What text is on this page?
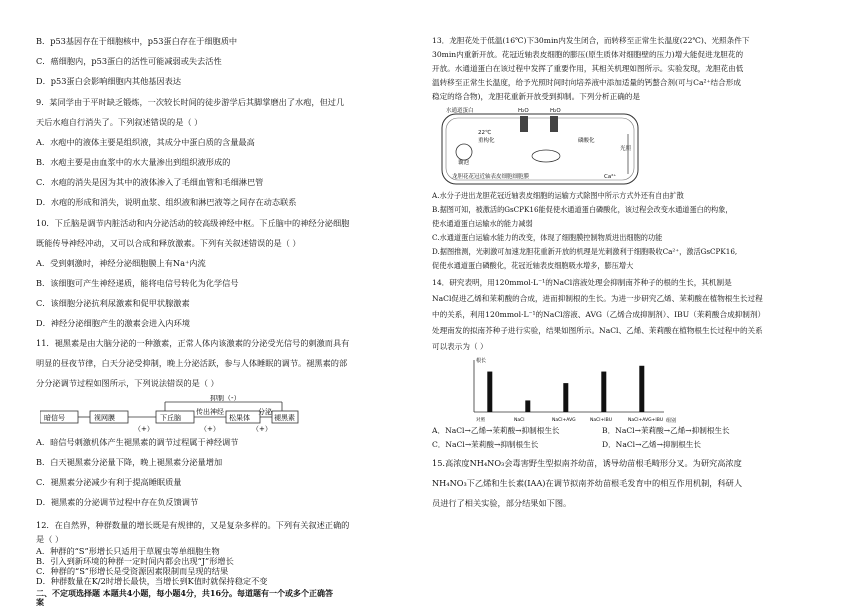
B．p53基因存在于细胞核中，p53蛋白存在于细胞质中
C．癌细胞内，p53蛋白的活性可能减弱或失去活性
D．p53蛋白会影响细胞内其他基因表达
9．某同学由于平时缺乏锻炼，一次较长时间的徒步游学后其脚掌磨出了水疱，但过几
天后水疱自行消失了。下列叙述错误的是（ ）
A．水疱中的液体主要是组织液，其成分中蛋白质的含量最高
B．水疱主要是由血浆中的水大量渗出到组织液形成的
C．水疱的消失是因为其中的液体渗入了毛细血管和毛细淋巴管
D．水疱的形成和消失，说明血浆、组织液和淋巴液等之间存在动态联系
10．下丘脑是调节内脏活动和内分泌活动的较高级神经中枢。下丘脑中的神经分泌细胞
既能传导神经冲动，又可以合成和释放激素。下列有关叙述错误的是（ ）
A．受到刺激时，神经分泌细胞膜上有Na⁺内流
B．该细胞可产生神经递质，能将电信号转化为化学信号
C．该细胞分泌抗利尿激素和促甲状腺激素
D．神经分泌细胞产生的激素会进入内环境
11．褪黑素是由大脑分泌的一种激素，正常人体内该激素的分泌受光信号的刺激而具有
明显的昼夜节律，白天分泌受抑制，晚上分泌活跃，参与人体睡眠的调节。褪黑素的部
分分泌调节过程如图所示，下列说法错误的是（ ）
抑制（-）
暗信号	视网膜
（+）
下丘脑
传出神经
（+）
松果体
分泌
（+）
褪黑素
A．暗信号刺激机体产生褪黑素的调节过程属于神经调节
B．白天褪黑素分泌量下降，晚上褪黑素分泌量增加
C．褪黑素分泌减少有利于提高睡眠质量
D．褪黑素的分泌调节过程中存在负反馈调节
12．在自然界，种群数量的增长既是有规律的，又是复杂多样的。下列有关叙述正确的
是（ ）
A．种群的“S”形增长只适用于草履虫等单细胞生物
B．引入到新环境的种群一定时间内都会出现“J”形增长
C．种群的“S”形增长是受资源因素限制而呈现的结果
D．种群数量在K/2时增长最快，当增长到K值时就保持稳定不变
二、不定项选择题 本题共4小题，每小题4分，共16分。每道题有一个或多个正确答
案
13．龙胆花处于低温(16℃)下30min内发生闭合，而转移至正常生长温度(22℃)、光照条件下
30min内重新开放。花冠近轴表皮细胞的膨压(原生质体对细胞壁的压力)增大能促进龙胆花的
开放。水通道蛋白在该过程中发挥了重要作用，其相关机理如图所示。实验发现，龙胆花由低
温转移至正常生长温度，给予光照时间时向培养液中添加适量的钙螯合剂(可与Ca²⁺结合形成
稳定的络合物)，龙胆花重新开放受到抑制。下列分析正确的是
水通道蛋白	H₂O	H₂O
22℃
重构化	磷酸化
光照
Ca²⁺
囊泡
龙胆花花冠近轴表皮细胞细胞膜
A.水分子进出龙胆花冠近轴表皮细胞的运输方式除图中所示方式外还有自由扩散
B.据图可知，被激活的GsCPK16能促使水通道蛋白磷酸化，该过程会改变水通道蛋白的构象，
使水通道蛋白运输水的能力减弱
C.水通道蛋白运输水能力的改变，体现了细胞膜控制物质进出细胞的功能
D.据图推测，光刺激可加速龙胆花重新开放的机理是光刺激利于细胞吸收Ca²⁺，激活GsCPK16,
促使水通道蛋白磷酸化，花冠近轴表皮细胞吸水增多，膨压增大
14．研究表明，用120mmol·L⁻¹的NaCl溶液处理会抑制南芥种子的根的生长，其机制是
NaCl促进乙烯和茉莉酸的合成，进而抑制根的生长。为进一步研究乙烯、茉莉酸在植物根生长过程
中的关系，利用120mmol·L⁻¹的NaCl溶液、AVG（乙烯合成抑制剂）、IBU（茉莉酸合成抑制剂）
处理南发的拟南芥种子进行实验，结果如图所示。NaCl、乙烯、茉莉酸在植物根生长过程中的关系
可以表示为（ ）
根长
组别
对照	NaCl	NaCl+AVG	NaCl+IBU	NaCl+AVG+IBU
A．NaCl→乙烯→茉莉酸→抑制根生长	B．NaCl→茉莉酸→乙烯→抑制根生长
C．NaCl→茉莉酸→抑制根生长	D．NaCl→乙烯→抑制根生长
15.高浓度NH₄NO₃会毒害野生型拟南芥幼苗，诱导幼苗根毛畸形分叉。为研究高浓度
NH₄NO₃下乙烯和生长素(IAA)在调节拟南芥幼苗根毛发育中的相互作用机制，科研人
员进行了相关实验，部分结果如下图。
